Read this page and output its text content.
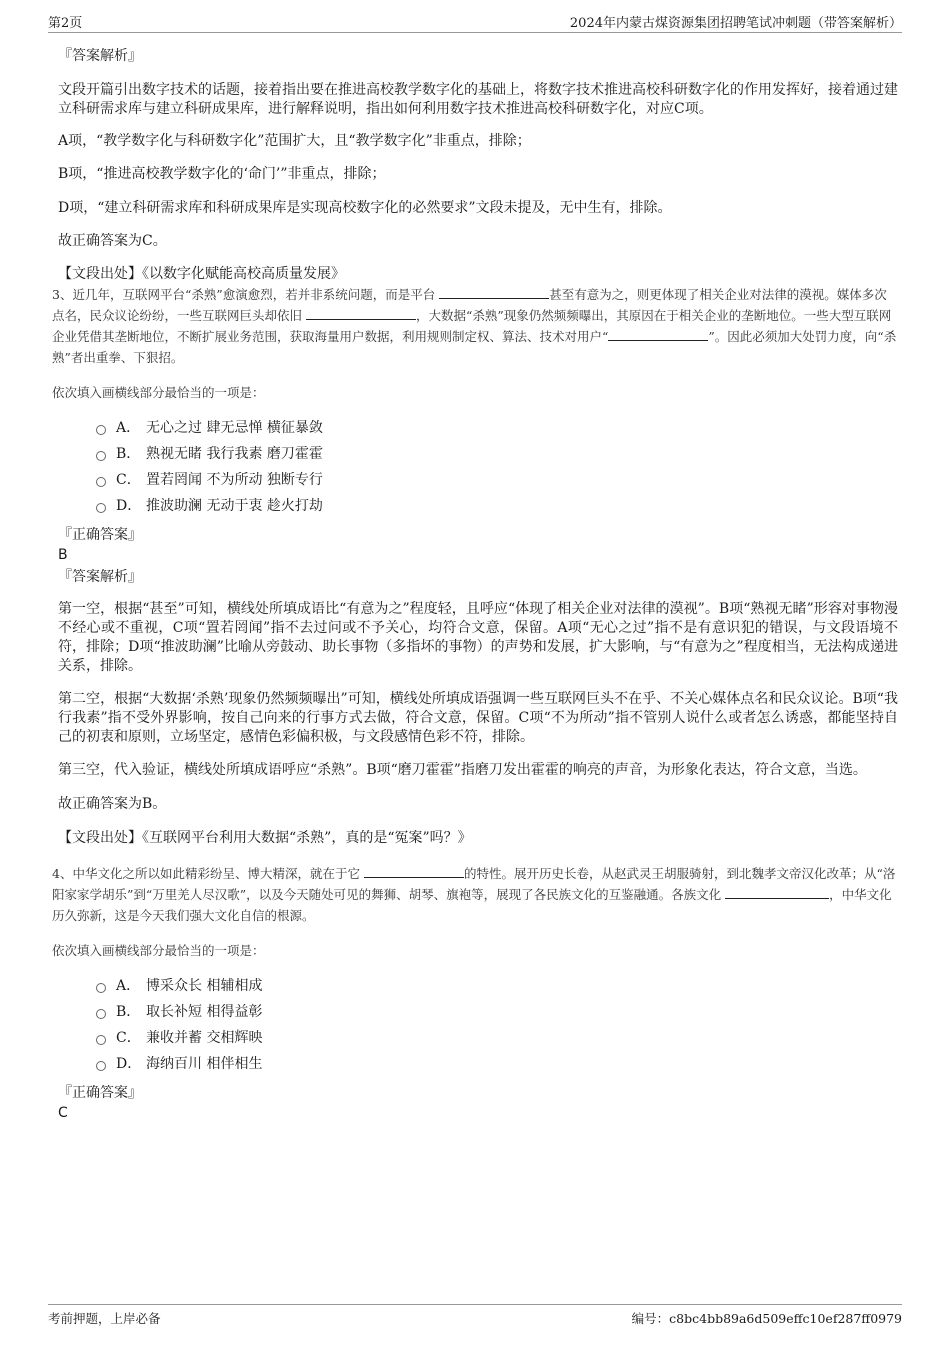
第2页	2024年内蒙古煤资源集团招聘笔试冲刺题（带答案解析）

『答案解析』

文段开篇引出数字技术的话题，接着指出要在推进高校教学数字化的基础上，将数字技术推进高校科研数字化的作用发挥好，接着通过建立科研需求库与建立科研成果库，进行解释说明，指出如何利用数字技术推进高校科研数字化，对应C项。

A项，“教学数字化与科研数字化”范围扩大，且“教学数字化”非重点，排除；

B项，“推进高校教学数字化的‘命门’”非重点，排除；

D项，“建立科研需求库和科研成果库是实现高校数字化的必然要求”文段未提及，无中生有，排除。

故正确答案为C。

【文段出处】《以数字化赋能高校高质量发展》

3、近几年，互联网平台“杀熟”愈演愈烈，若并非系统问题，而是平台	甚至有意为之，则更体现了相关企业对法律的漠视。媒体多次点名，民众议论纷纷，一些互联网巨头却依旧	，大数据“杀熟”现象仍然频频曝出，其原因在于相关企业的垄断地位。一些大型互联网企业凭借其垄断地位，不断扩展业务范围，获取海量用户数据，利用规则制定权、算法、技术对用户“	”。因此必须加大处罚力度，向“杀熟”者出重拳、下狠招。

依次填入画横线部分最恰当的一项是：

A． 无心之过 肆无忌惮 横征暴敛
B． 熟视无睹 我行我素 磨刀霍霍
C． 置若罔闻 不为所动 独断专行
D． 推波助澜 无动于衷 趁火打劫

『正确答案』

B

『答案解析』

第一空，根据“甚至”可知，横线处所填成语比“有意为之”程度轻，且呼应“体现了相关企业对法律的漠视”。B项“熟视无睹”形容对事物漫不经心或不重视，C项“置若罔闻”指不去过问或不予关心，均符合文意，保留。A项“无心之过”指不是有意识犯的错误，与文段语境不符，排除；D项“推波助澜”比喻从旁鼓动、助长事物（多指坏的事物）的声势和发展，扩大影响，与“有意为之”程度相当，无法构成递进关系，排除。

第二空，根据“大数据‘杀熟’现象仍然频频曝出”可知，横线处所填成语强调一些互联网巨头不在乎、不关心媒体点名和民众议论。B项“我行我素”指不受外界影响，按自己向来的行事方式去做，符合文意，保留。C项“不为所动”指不管别人说什么或者怎么诱惑，都能坚持自己的初衷和原则，立场坚定，感情色彩偏积极，与文段感情色彩不符，排除。

第三空，代入验证，横线处所填成语呼应“杀熟”。B项“磨刀霍霍”指磨刀发出霍霍的响亮的声音，为形象化表达，符合文意，当选。

故正确答案为B。

【文段出处】《互联网平台利用大数据“杀熟”，真的是“冤案”吗？》

4、中华文化之所以如此精彩纷呈、博大精深，就在于它	的特性。展开历史长卷，从赵武灵王胡服骑射，到北魏孝文帝汉化改革；从“洛阳家家学胡乐”到“万里羌人尽汉歌”，以及今天随处可见的舞狮、胡琴、旗袍等，展现了各民族文化的互鉴融通。各族文化	，中华文化历久弥新，这是今天我们强大文化自信的根源。

依次填入画横线部分最恰当的一项是：

A． 博采众长 相辅相成
B． 取长补短 相得益彰
C． 兼收并蓄 交相辉映
D． 海纳百川 相伴相生

『正确答案』

C

考前押题，上岸必备	编号：c8bc4bb89a6d509effc10ef287ff0979
